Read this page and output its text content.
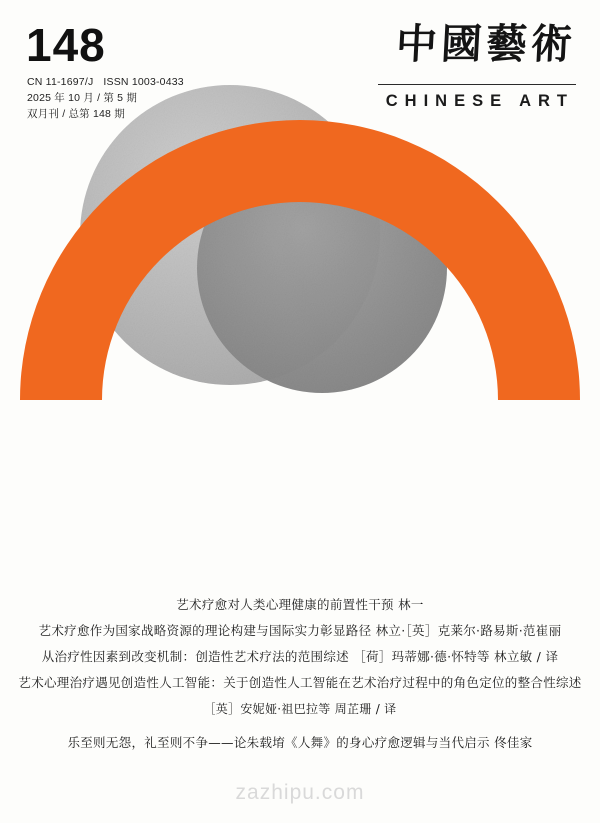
148
CN 11-1697/J ISSN 1003-0433
2025 年 10 月 / 第 5 期
双月刊 / 总第 148 期
中國藝術
CHINESE ART
艺术疗愈对人类心理健康的前置性干预 林一
艺术疗愈作为国家战略资源的理论构建与国际实力彰显路径 林立·［英］克莱尔·路易斯·范崔丽
从治疗性因素到改变机制：创造性艺术疗法的范围综述 ［荷］玛蒂娜·德·怀特等 林立敏 / 译
艺术心理治疗遇见创造性人工智能：关于创造性人工智能在艺术治疗过程中的角色定位的整合性综述
［英］安妮娅·祖巴拉等 周芷珊 / 译
乐至则无怨，礼至则不争——论朱载堉《人舞》的身心疗愈逻辑与当代启示 佟佳家
zazhipu.com
